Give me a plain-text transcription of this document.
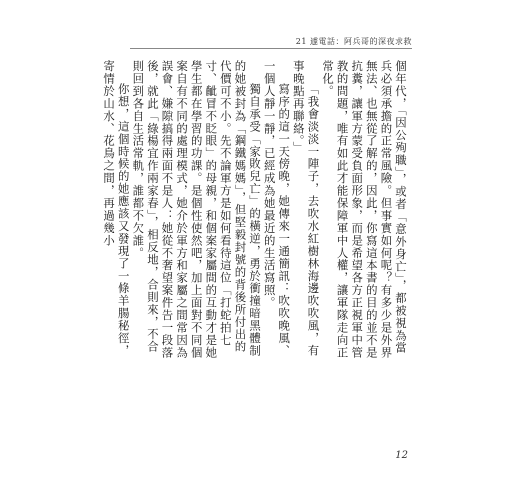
21 遽電話：阿兵哥的深夜求救

個年代，「因公殉職」，或者「意外身亡」，都被視為當兵必須承擔的正常風險。但事實如何呢？有多少是外界無法、也無從了解的，因此，你寫這本書的目的並不是抗糞，讓軍方蒙受負面形象，而是希望各方正視軍中管教的問題，唯有如此才能保障軍中人權，讓軍隊走向正常化。

「我會淡淡一陣子，去吹水紅樹林海邊吹吹風，有事晚點再聯絡。」

寫序的這一天傍晚，她傳來一通簡訊：吹吹晚風、一個人靜一靜，已經成為她最近的生活寫照。

獨自承受「家敗兒亡」的橫逆，勇於衝撞暗黑體制的她被封為「鋼鐵媽媽」，但堅毅封號的背後所付出的代價可不小。先不論軍方是如何看待這位「打蛇拍七寸、齜冒不眨眼」的母親，和個案家屬間的互動才是她學生都在學習的功課。是個性使然吧，加上面對不同個案自有不同的處理模式，她介於軍方和家屬之間常因為誤會、嫌隙搞得兩面不是人：她從不奢望案件告一段落後，就此「綠楊宜作兩家春」，相反地，合則來，不合則回到各自生活常軌，誰都不欠誰。

你想，這個時候的她應該又發現了一條羊腸秘徑，寄情於山水、花鳥之間，再過幾小

12
